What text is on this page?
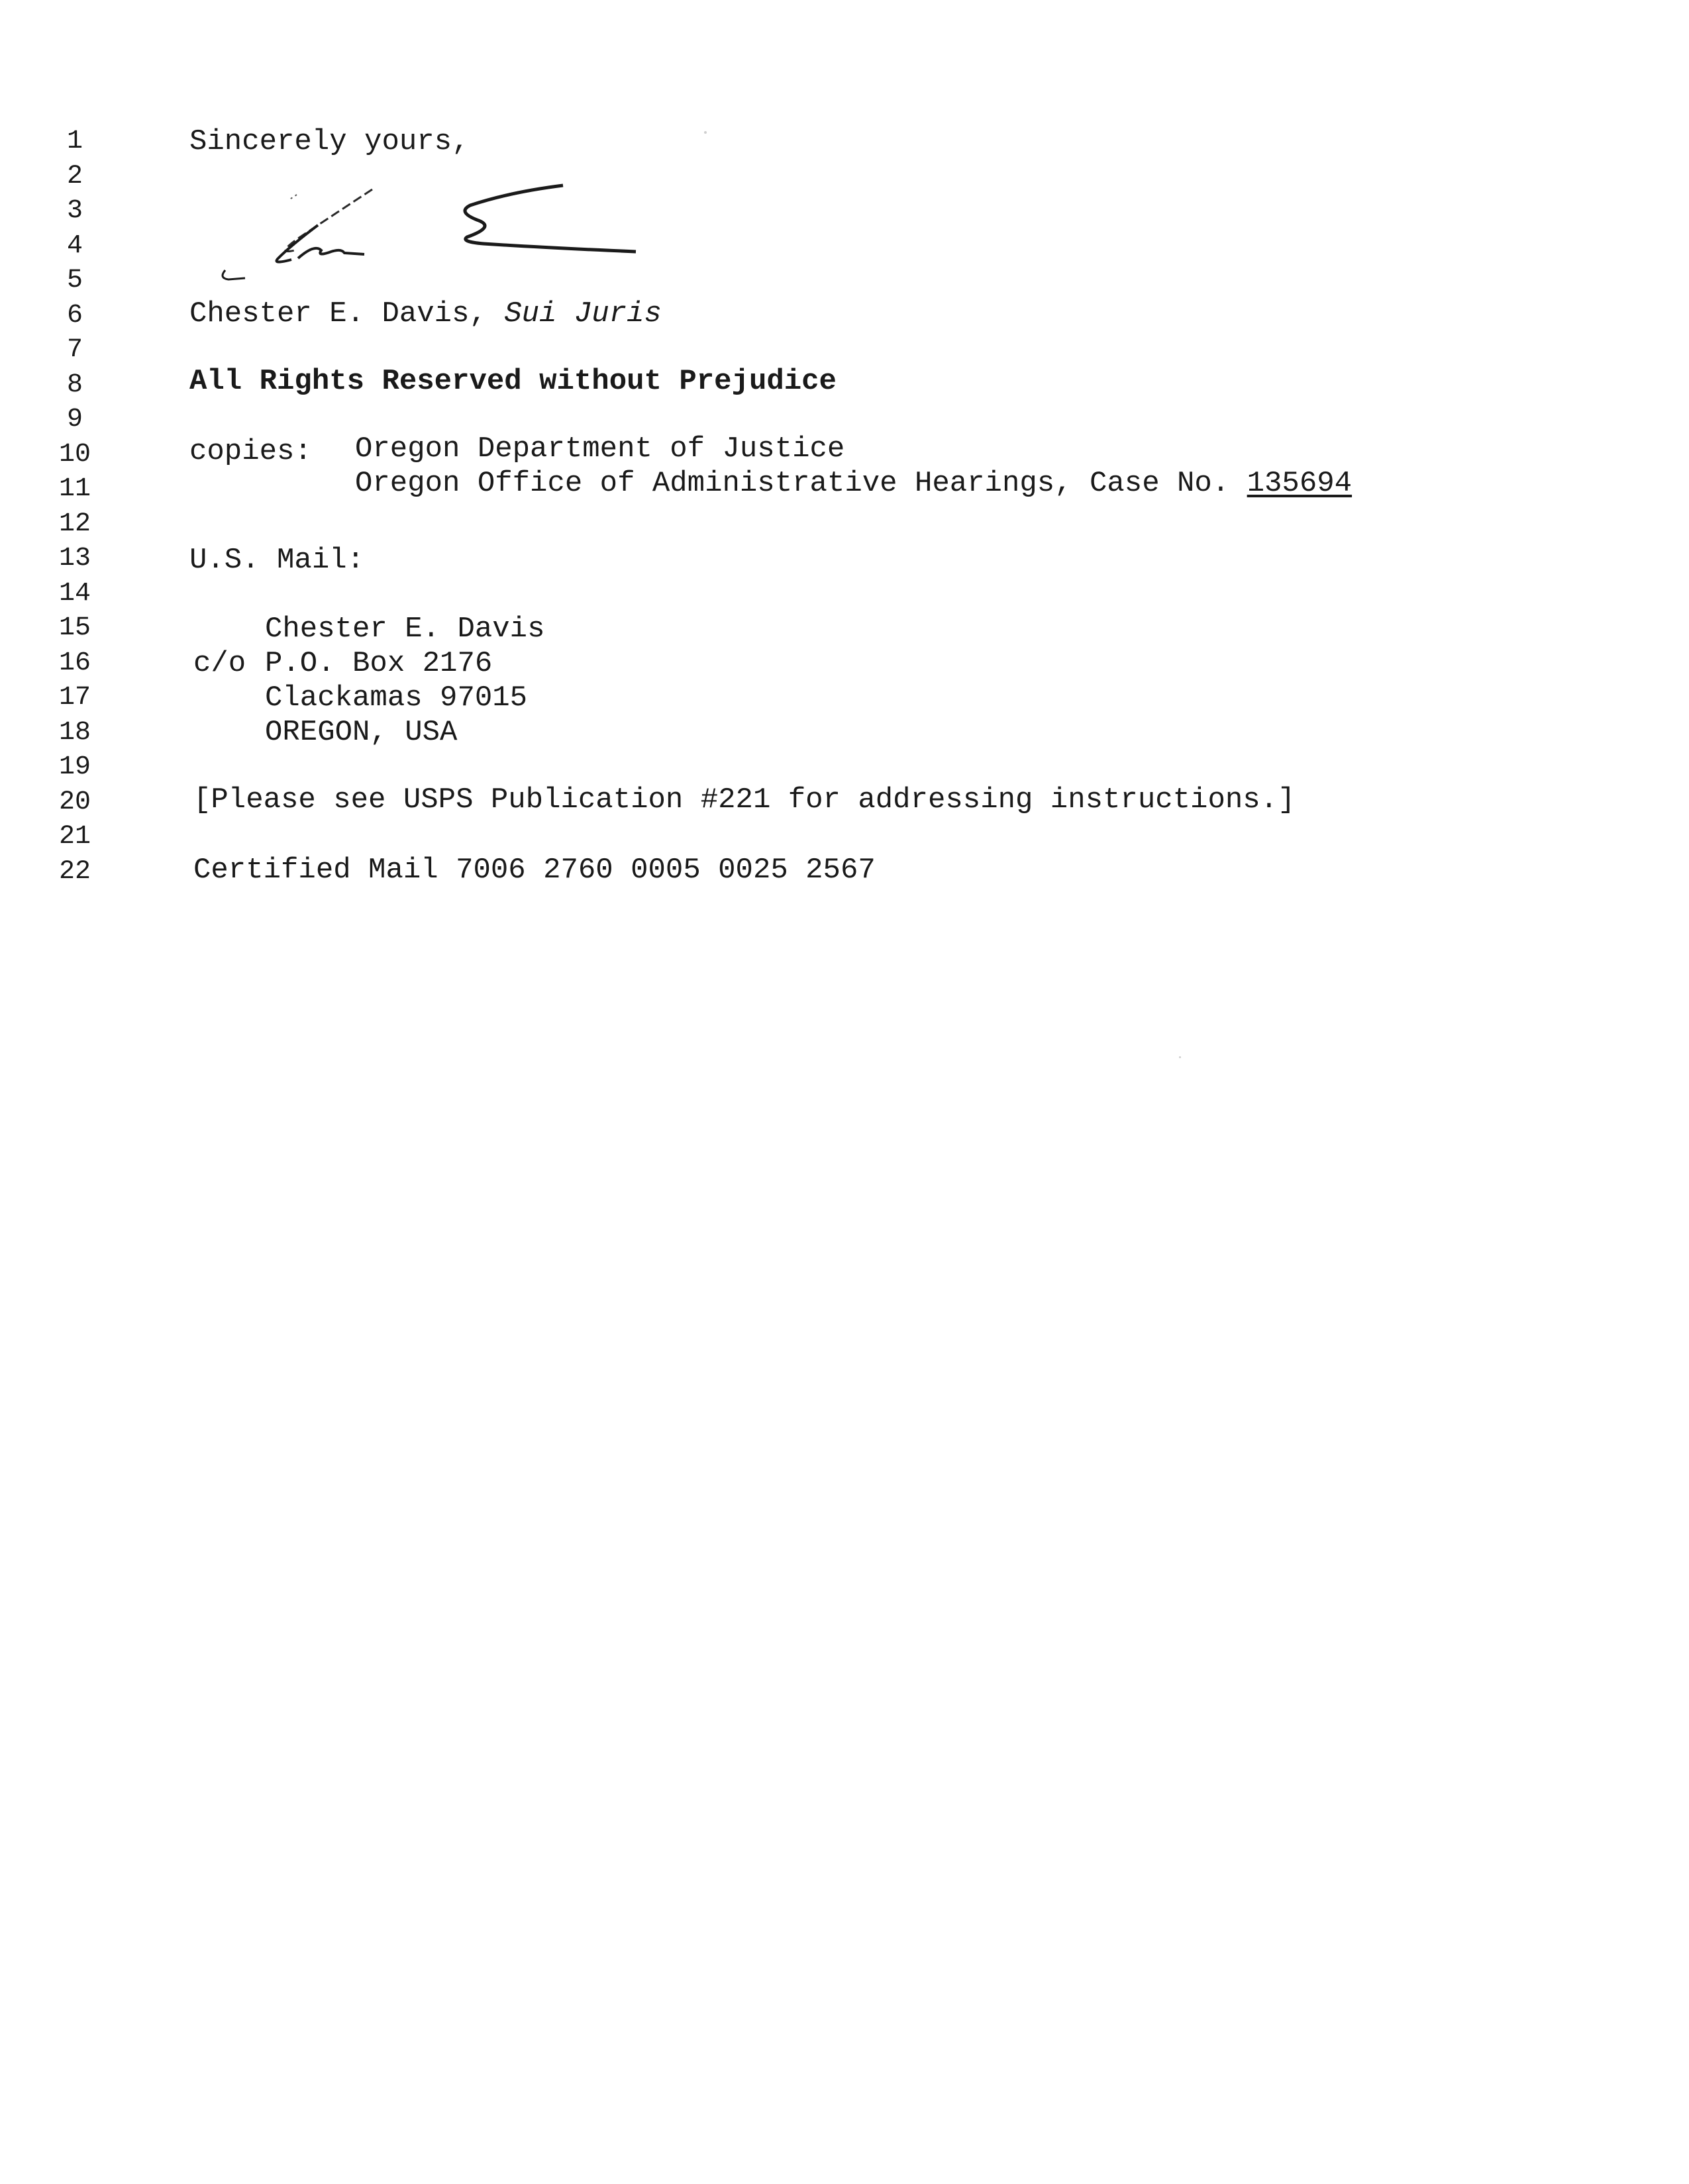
1
2
3
4
5
6
7
8
9
10
11
12
13
14
15
16
17
18
19
20
21
22
Sincerely yours,
Chester E. Davis, Sui Juris
All Rights Reserved without Prejudice
copies: Oregon Department of Justice
Oregon Office of Administrative Hearings, Case No. 135694
U.S. Mail:
Chester E. Davis
c/o P.O. Box 2176
Clackamas 97015
OREGON, USA
[Please see USPS Publication #221 for addressing instructions.]
Certified Mail 7006 2760 0005 0025 2567
